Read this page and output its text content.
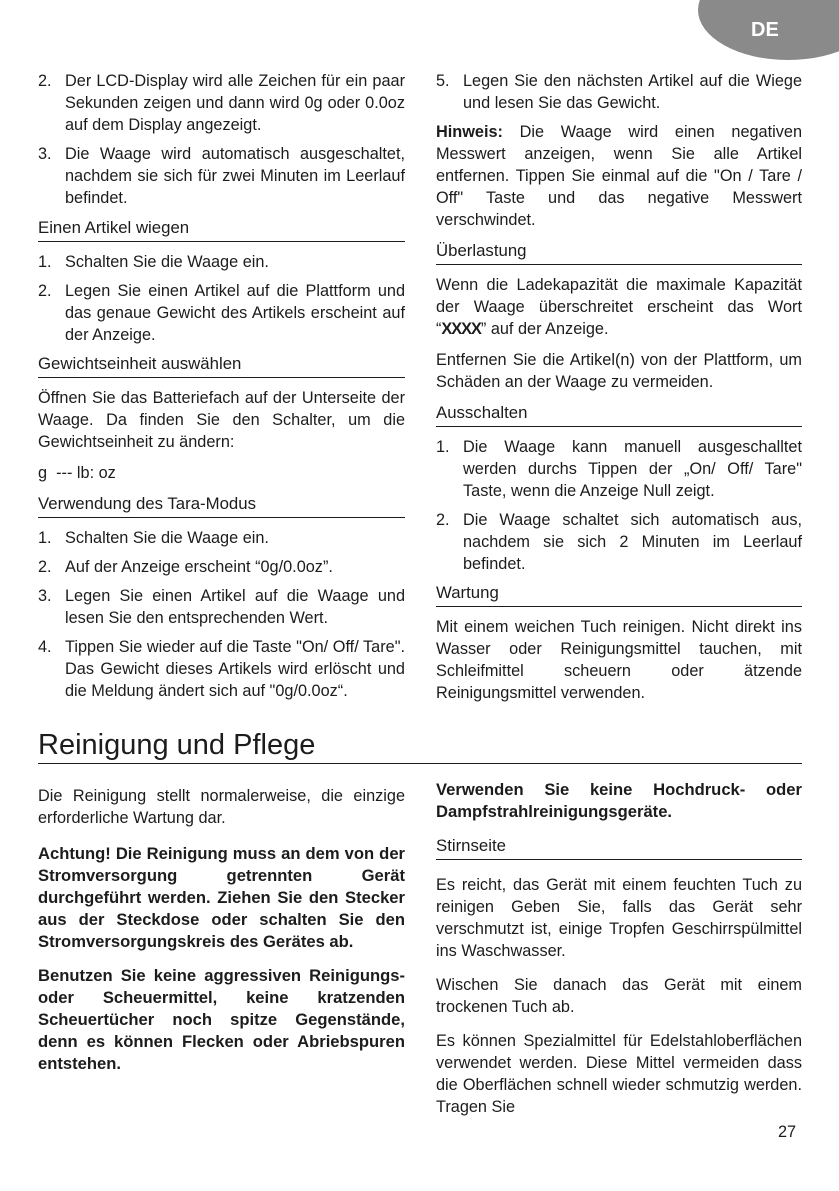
DE
2. Der LCD-Display wird alle Zeichen für ein paar Sekunden zeigen und dann wird 0g oder 0.0oz auf dem Display angezeigt.
3. Die Waage wird automatisch ausgeschaltet, nachdem sie sich für zwei Minuten im Leerlauf befindet.
Einen Artikel wiegen
1. Schalten Sie die Waage ein.
2. Legen Sie einen Artikel auf die Plattform und das genaue Gewicht des Artikels erscheint auf der Anzeige.
Gewichtseinheit auswählen

Öffnen Sie das Batteriefach auf der Unterseite der Waage. Da finden Sie den Schalter, um die Gewichtseinheit zu ändern:

g  --- lb: oz

Verwendung des Tara-Modus
1. Schalten Sie die Waage ein.
2. Auf der Anzeige erscheint “0g/0.0oz”.
3. Legen Sie einen Artikel auf die Waage und lesen Sie den entsprechenden Wert.
4. Tippen Sie wieder auf die Taste "On/ Off/ Tare". Das Gewicht dieses Artikels wird erlöscht und die Meldung ändert sich auf "0g/0.0oz“.
5. Legen Sie den nächsten Artikel auf die Wiege und lesen Sie das Gewicht.

Hinweis: Die Waage wird einen negativen Messwert anzeigen, wenn Sie alle Artikel entfernen. Tippen Sie einmal auf die "On / Tare / Off" Taste und das negative Messwert verschwindet.

Überlastung

Wenn die Ladekapazität die maximale Kapazität der Waage überschreitet erscheint das Wort “XXXX” auf der Anzeige.

Entfernen Sie die Artikel(n) von der Plattform, um Schäden an der Waage zu vermeiden.

Ausschalten
1. Die Waage kann manuell ausgeschalltet werden durchs Tippen der „On/ Off/ Tare" Taste, wenn die Anzeige Null zeigt.
2. Die Waage schaltet sich automatisch aus, nachdem sie sich 2 Minuten im Leerlauf befindet.
Wartung

Mit einem weichen Tuch reinigen. Nicht direkt ins Wasser oder Reinigungsmittel tauchen, mit Schleifmittel scheuern oder ätzende Reinigungsmittel verwenden.

Reinigung und Pflege

Die Reinigung stellt normalerweise, die einzige erforderliche Wartung dar.

Achtung! Die Reinigung muss an dem von der Stromversorgung getrennten Gerät durchgeführt werden. Ziehen Sie den Stecker aus der Steckdose oder schalten Sie den Stromversorgungskreis des Gerätes ab.

Benutzen Sie keine aggressiven Reinigungs- oder Scheuermittel, keine kratzenden Scheuertücher noch spitze Gegenstände, denn es können Flecken oder Abriebspuren entstehen.

Verwenden Sie keine Hochdruck- oder Dampfstrahlreinigungsgeräte.

Stirnseite

Es reicht, das Gerät mit einem feuchten Tuch zu reinigen Geben Sie, falls das Gerät sehr verschmutzt ist, einige Tropfen Geschirrspülmittel ins Waschwasser.

Wischen Sie danach das Gerät mit einem trockenen Tuch ab.

Es können Spezialmittel für Edelstahloberflächen verwendet werden. Diese Mittel vermeiden dass die Oberflächen schnell wieder schmutzig werden. Tragen Sie

27
